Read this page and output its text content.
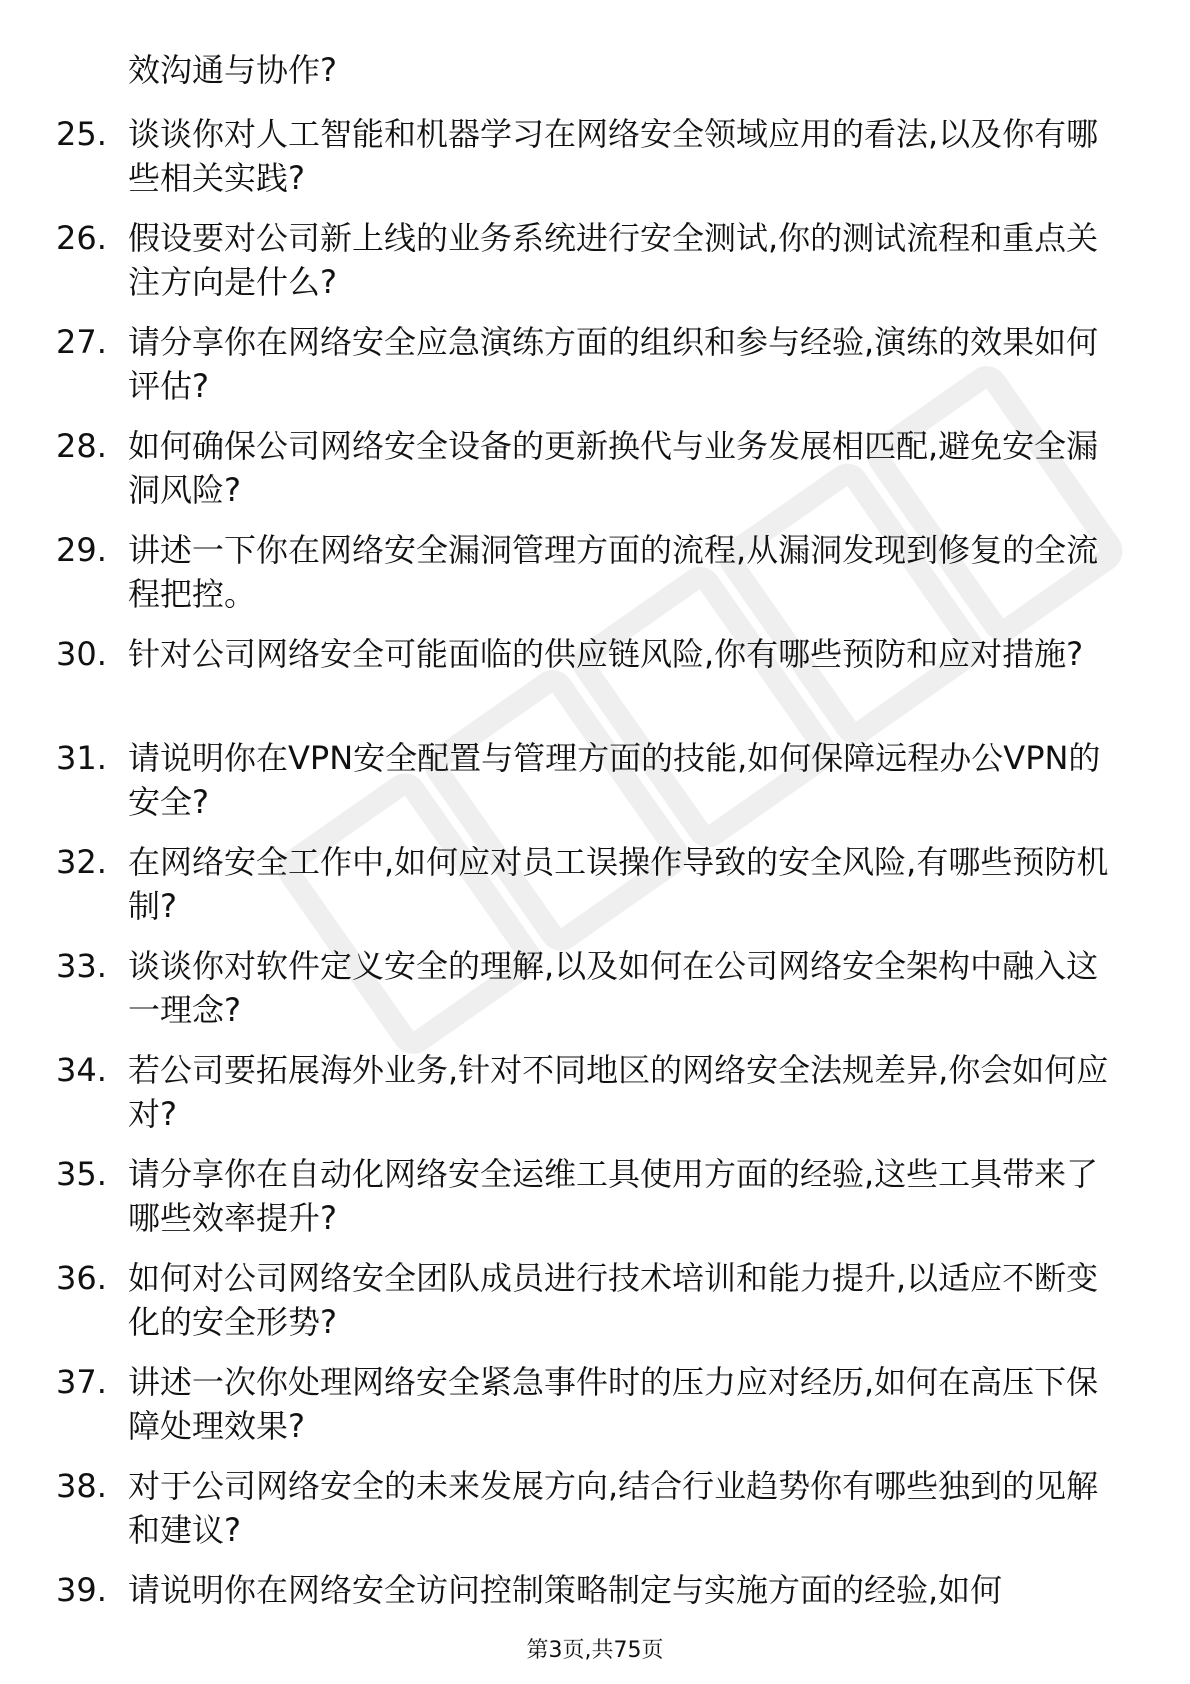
效沟通与协作?
25. 谈谈你对人工智能和机器学习在网络安全领域应用的看法,以及你有哪些相关实践?
26. 假设要对公司新上线的业务系统进行安全测试,你的测试流程和重点关注方向是什么?
27. 请分享你在网络安全应急演练方面的组织和参与经验,演练的效果如何评估?
28. 如何确保公司网络安全设备的更新换代与业务发展相匹配,避免安全漏洞风险?
29. 讲述一下你在网络安全漏洞管理方面的流程,从漏洞发现到修复的全流程把控。
30. 针对公司网络安全可能面临的供应链风险,你有哪些预防和应对措施?
31. 请说明你在VPN安全配置与管理方面的技能,如何保障远程办公VPN的安全?
32. 在网络安全工作中,如何应对员工误操作导致的安全风险,有哪些预防机制?
33. 谈谈你对软件定义安全的理解,以及如何在公司网络安全架构中融入这一理念?
34. 若公司要拓展海外业务,针对不同地区的网络安全法规差异,你会如何应对?
35. 请分享你在自动化网络安全运维工具使用方面的经验,这些工具带来了哪些效率提升?
36. 如何对公司网络安全团队成员进行技术培训和能力提升,以适应不断变化的安全形势?
37. 讲述一次你处理网络安全紧急事件时的压力应对经历,如何在高压下保障处理效果?
38. 对于公司网络安全的未来发展方向,结合行业趋势你有哪些独到的见解和建议?
39. 请说明你在网络安全访问控制策略制定与实施方面的经验,如何
第3页,共75页
